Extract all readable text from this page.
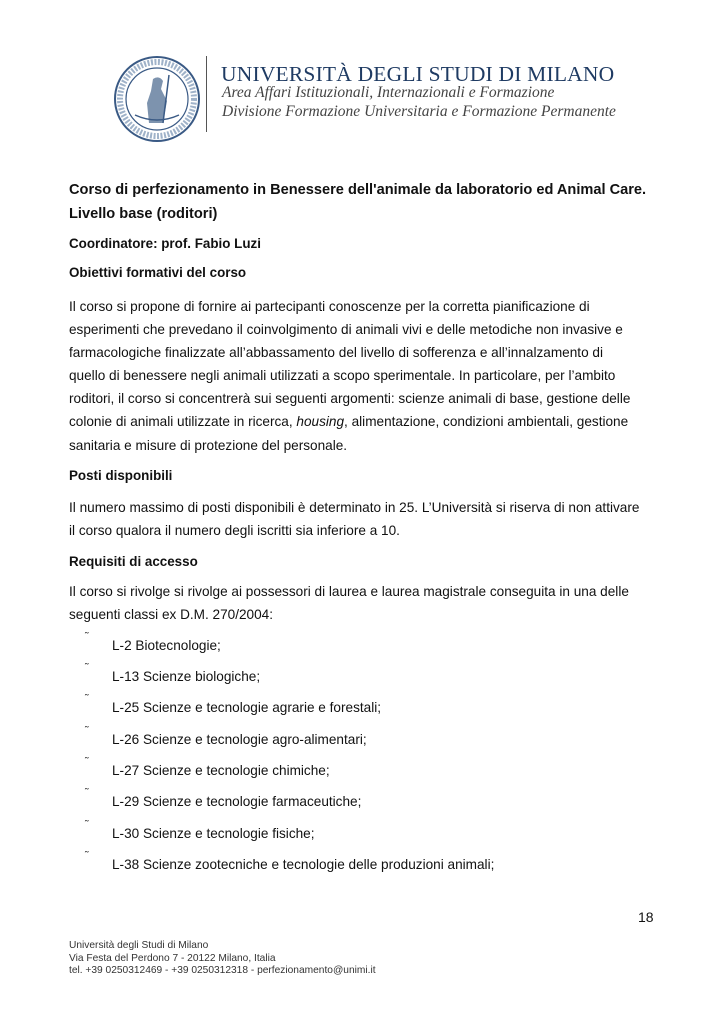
UNIVERSITÀ DEGLI STUDI DI MILANO
Area Affari Istituzionali, Internazionali e Formazione
Divisione Formazione Universitaria e Formazione Permanente
Corso di perfezionamento in Benessere dell'animale da laboratorio ed Animal Care.
Livello base (roditori)
Coordinatore: prof. Fabio Luzi
Obiettivi formativi del corso
Il corso si propone di fornire ai partecipanti conoscenze per la corretta pianificazione di
esperimenti che prevedano il coinvolgimento di animali vivi e delle metodiche non invasive e
farmacologiche finalizzate all’abbassamento del livello di sofferenza e all’innalzamento di
quello di benessere negli animali utilizzati a scopo sperimentale. In particolare, per l’ambito
roditori, il corso si concentrerà sui seguenti argomenti: scienze animali di base, gestione delle
colonie di animali utilizzate in ricerca, housing, alimentazione, condizioni ambientali, gestione
sanitaria e misure di protezione del personale.
Posti disponibili
Il numero massimo di posti disponibili è determinato in 25. L’Università si riserva di non attivare
il corso qualora il numero degli iscritti sia inferiore a 10.
Requisiti di accesso
Il corso si rivolge si rivolge ai possessori di laurea e laurea magistrale conseguita in una delle
seguenti classi ex D.M. 270/2004:
˜
L-2 Biotecnologie;
˜
L-13 Scienze biologiche;
˜
L-25 Scienze e tecnologie agrarie e forestali;
˜
L-26 Scienze e tecnologie agro-alimentari;
˜
L-27 Scienze e tecnologie chimiche;
˜
L-29 Scienze e tecnologie farmaceutiche;
˜
L-30 Scienze e tecnologie fisiche;
˜
L-38 Scienze zootecniche e tecnologie delle produzioni animali;
18
Università degli Studi di Milano
Via Festa del Perdono 7 - 20122 Milano, Italia
tel. +39 0250312469 - +39 0250312318 - perfezionamento@unimi.it
